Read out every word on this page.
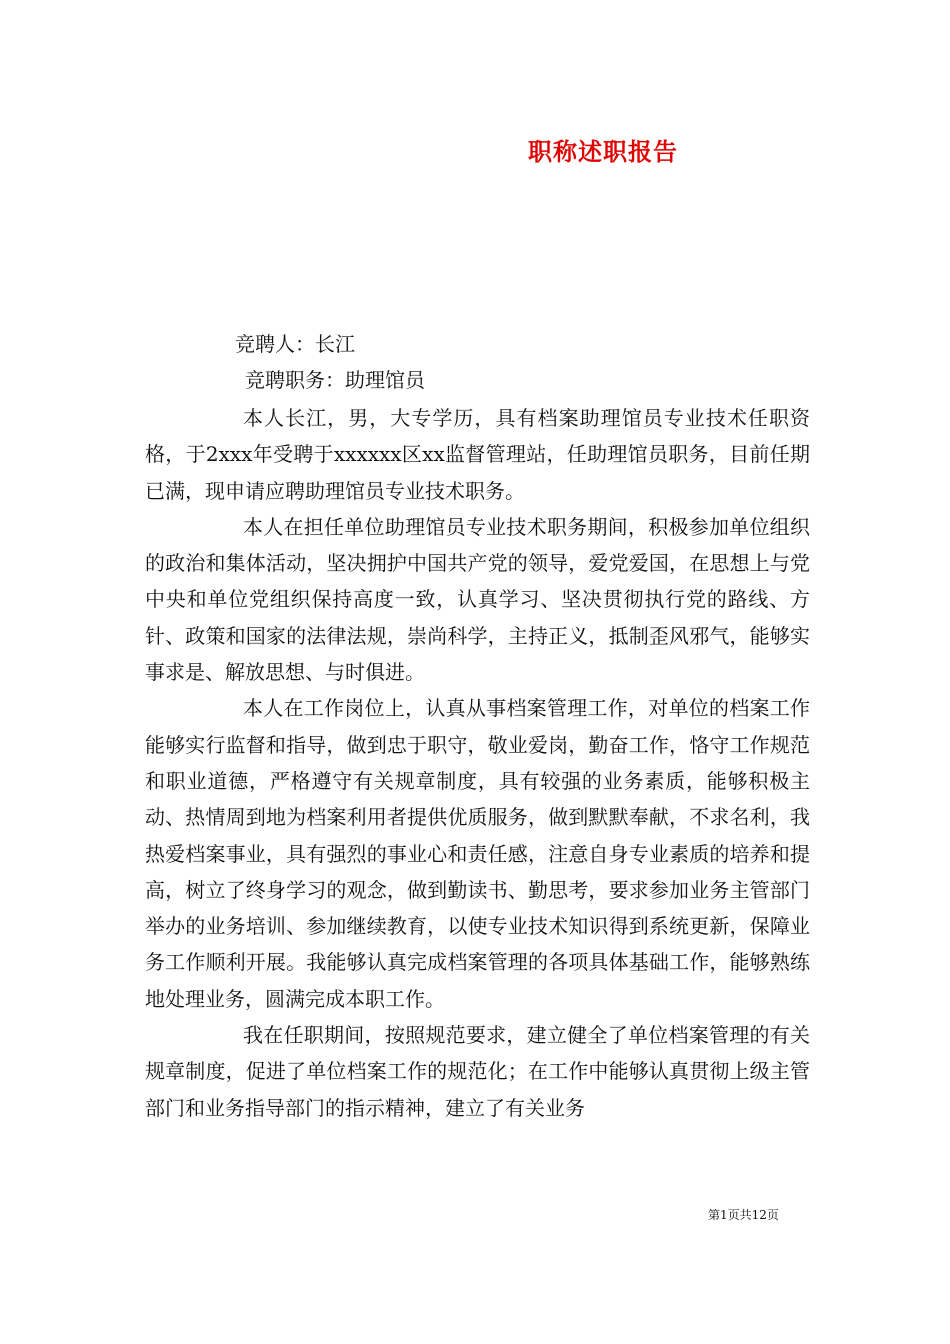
职称述职报告
竞聘人：长江
竞聘职务：助理馆员

本人长江，男，大专学历，具有档案助理馆员专业技术任职资格，于2xxx年受聘于xxxxxx区xx监督管理站，任助理馆员职务，目前任期已满，现申请应聘助理馆员专业技术职务。

本人在担任单位助理馆员专业技术职务期间，积极参加单位组织的政治和集体活动，坚决拥护中国共产党的领导，爱党爱国，在思想上与党中央和单位党组织保持高度一致，认真学习、坚决贯彻执行党的路线、方针、政策和国家的法律法规，崇尚科学，主持正义，抵制歪风邪气，能够实事求是、解放思想、与时俱进。

本人在工作岗位上，认真从事档案管理工作，对单位的档案工作能够实行监督和指导，做到忠于职守，敬业爱岗，勤奋工作，恪守工作规范和职业道德，严格遵守有关规章制度，具有较强的业务素质，能够积极主动、热情周到地为档案利用者提供优质服务，做到默默奉献，不求名利，我热爱档案事业，具有强烈的事业心和责任感，注意自身专业素质的培养和提高，树立了终身学习的观念，做到勤读书、勤思考，要求参加业务主管部门举办的业务培训、参加继续教育，以使专业技术知识得到系统更新，保障业务工作顺利开展。我能够认真完成档案管理的各项具体基础工作，能够熟练地处理业务，圆满完成本职工作。

我在任职期间，按照规范要求，建立健全了单位档案管理的有关规章制度，促进了单位档案工作的规范化；在工作中能够认真贯彻上级主管部门和业务指导部门的指示精神，建立了有关业务

第1页共12页
